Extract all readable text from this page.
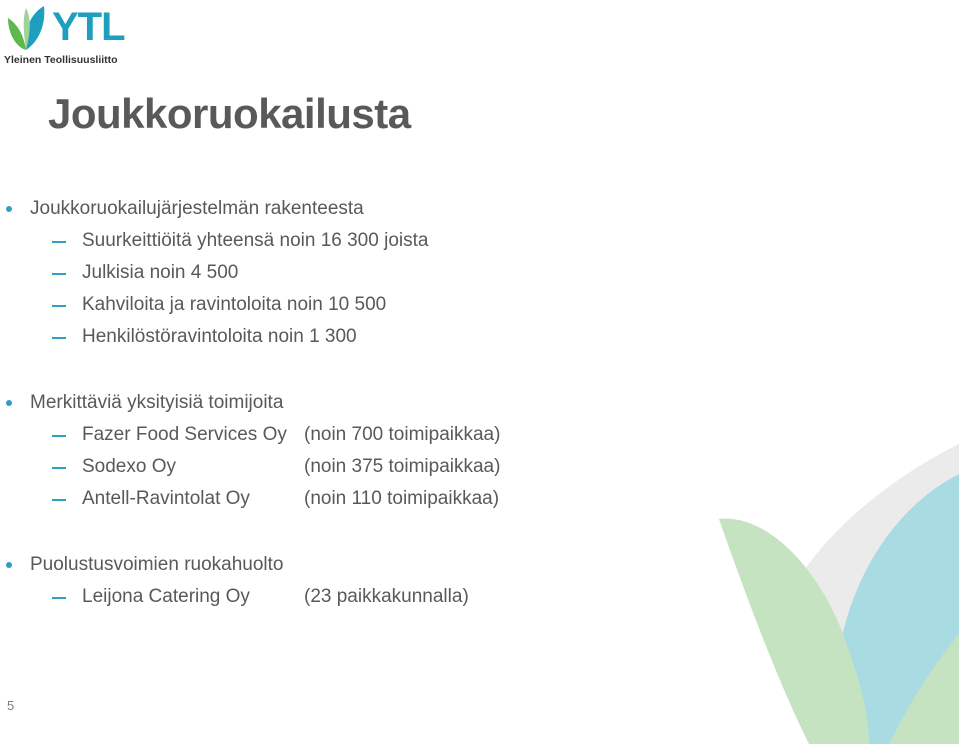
YTL
Yleinen Teollisuusliitto
Joukkoruokailusta
Joukkoruokailujärjestelmän rakenteesta
Suurkeittiöitä yhteensä noin 16 300 joista
Julkisia noin 4 500
Kahviloita ja ravintoloita noin 10 500
Henkilöstöravintoloita noin 1 300
Merkittäviä yksityisiä toimijoita
Fazer Food Services Oy (noin 700 toimipaikkaa)
Sodexo Oy	(noin 375 toimipaikkaa)
Antell-Ravintolat Oy	(noin 110 toimipaikkaa)
Puolustusvoimien ruokahuolto
Leijona Catering Oy	(23 paikkakunnalla)
5
